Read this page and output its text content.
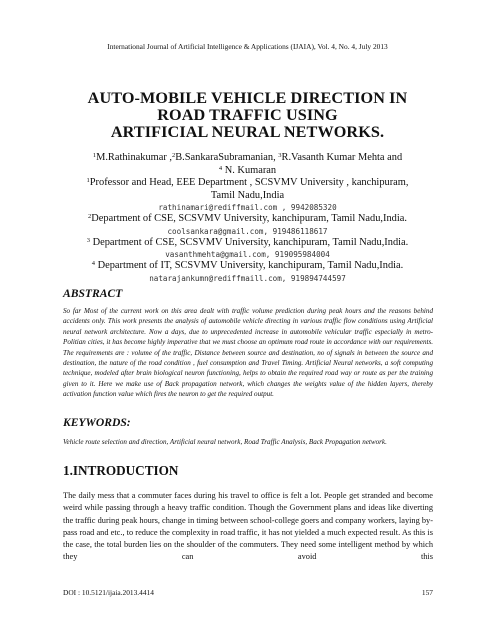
International Journal of Artificial Intelligence & Applications (IJAIA), Vol. 4, No. 4, July 2013
AUTO-MOBILE VEHICLE DIRECTION IN
ROAD TRAFFIC USING
ARTIFICIAL NEURAL NETWORKS.
$^1$M.Rathinakumar ,$^2$B.SankaraSubramanian, $^3$R.Vasanth Kumar Mehta and
$^4$ N. Kumaran
$^1$Professor and Head, EEE Department , SCSVMV University , kanchipuram,
Tamil Nadu,India
rathinamari@rediffmail.com , 9942085320
$^2$Department of CSE, SCSVMV University, kanchipuram, Tamil Nadu,India.
coolsankara@gmail.com, 919486118617
$^3$ Department of CSE, SCSVMV University, kanchipuram, Tamil Nadu,India.
vasanthmehta@gmail.com, 919095984004
$^4$ Department of IT, SCSVMV University, kanchipuram, Tamil Nadu,India.
natarajankumn@rediffmaill.com, 919894744597
ABSTRACT
So far Most of the current work on this area dealt with traffic volume prediction during peak hours and the reasons behind accidents only. This work presents the analysis of automobile vehicle directing in various traffic flow conditions using Artificial neural network architecture. Now a days, due to unprecedented increase in automobile vehicular traffic especially in metro-Politian cities, it has become highly imperative that we must choose an optimum road route in accordance with our requirements. The requirements are : volume of the traffic, Distance between source and destination, no of signals in between the source and destination, the nature of the road condition , fuel consumption and Travel Timing. Artificial Neural networks, a soft computing technique, modeled after brain biological neuron functioning, helps to obtain the required road way or route as per the training given to it. Here we make use of Back propagation network, which changes the weights value of the hidden layers, thereby activation function value which fires the neuron to get the required output.
KEYWORDS:
Vehicle route selection and direction, Artificial neural network, Road Traffic Analysis, Back Propagation network.
1.INTRODUCTION
The daily mess that a commuter faces during his travel to office is felt a lot. People get stranded and become weird while passing through a heavy traffic condition. Though the Government plans and ideas like diverting the traffic during peak hours, change in timing between school-college goers and company workers, laying by-pass road and etc., to reduce the complexity in road traffic, it has not yielded a much expected result. As this is the case, the total burden lies on the shoulder of the commuters. They need some intelligent method by which they can avoid this
DOI : 10.5121/ijaia.2013.4414	157
